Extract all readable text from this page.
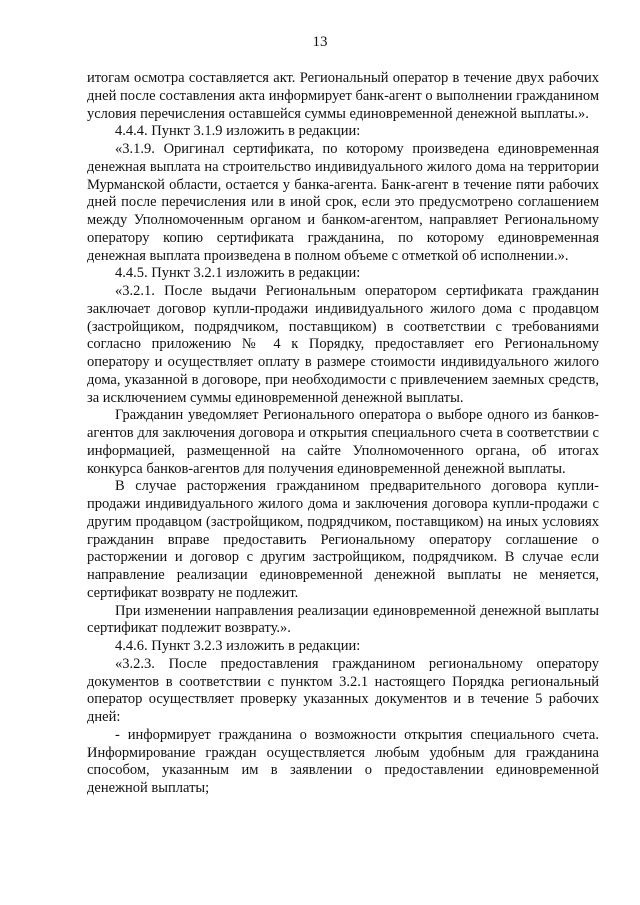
13

итогам осмотра составляется акт. Региональный оператор в течение двух рабочих дней после составления акта информирует банк-агент о выполнении гражданином условия перечисления оставшейся суммы единовременной денежной выплаты.».

4.4.4. Пункт 3.1.9 изложить в редакции:

«3.1.9. Оригинал сертификата, по которому произведена единовременная денежная выплата на строительство индивидуального жилого дома на территории Мурманской области, остается у банка-агента. Банк-агент в течение пяти рабочих дней после перечисления или в иной срок, если это предусмотрено соглашением между Уполномоченным органом и банком-агентом, направляет Региональному оператору копию сертификата гражданина, по которому единовременная денежная выплата произведена в полном объеме с отметкой об исполнении.».

4.4.5. Пункт 3.2.1 изложить в редакции:

«3.2.1. После выдачи Региональным оператором сертификата гражданин заключает договор купли-продажи индивидуального жилого дома с продавцом (застройщиком, подрядчиком, поставщиком) в соответствии с требованиями согласно приложению № 4 к Порядку, предоставляет его Региональному оператору и осуществляет оплату в размере стоимости индивидуального жилого дома, указанной в договоре, при необходимости с привлечением заемных средств, за исключением суммы единовременной денежной выплаты.

Гражданин уведомляет Регионального оператора о выборе одного из банков-агентов для заключения договора и открытия специального счета в соответствии с информацией, размещенной на сайте Уполномоченного органа, об итогах конкурса банков-агентов для получения единовременной денежной выплаты.

В случае расторжения гражданином предварительного договора купли-продажи индивидуального жилого дома и заключения договора купли-продажи с другим продавцом (застройщиком, подрядчиком, поставщиком) на иных условиях гражданин вправе предоставить Региональному оператору соглашение о расторжении и договор с другим застройщиком, подрядчиком. В случае если направление реализации единовременной денежной выплаты не меняется, сертификат возврату не подлежит.

При изменении направления реализации единовременной денежной выплаты сертификат подлежит возврату.».

4.4.6. Пункт 3.2.3 изложить в редакции:

«3.2.3. После предоставления гражданином региональному оператору документов в соответствии с пунктом 3.2.1 настоящего Порядка региональный оператор осуществляет проверку указанных документов и в течение 5 рабочих дней:

- информирует гражданина о возможности открытия специального счета. Информирование граждан осуществляется любым удобным для гражданина способом, указанным им в заявлении о предоставлении единовременной денежной выплаты;
